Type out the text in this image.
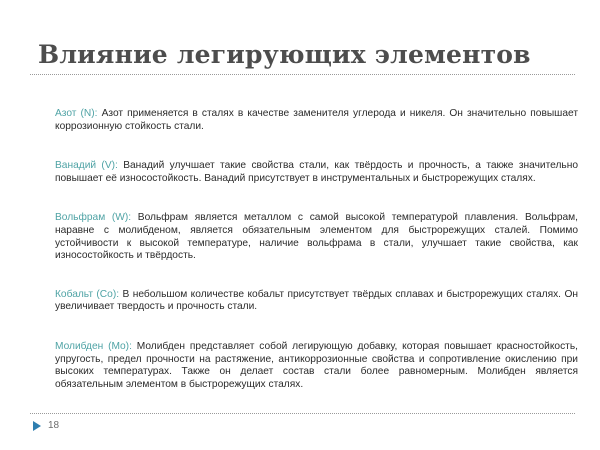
Влияние легирующих элементов

Азот (N): Азот применяется в сталях в качестве заменителя углерода и никеля. Он значительно повышает коррозионную стойкость стали.

Ванадий (V): Ванадий улучшает такие свойства стали, как твёрдость и прочность, а также значительно повышает её износостойкость. Ванадий присутствует в инструментальных и быстрорежущих сталях.

Вольфрам (W): Вольфрам является металлом с самой высокой температурой плавления. Вольфрам, наравне с молибденом, является обязательным элементом для быстрорежущих сталей. Помимо устойчивости к высокой температуре, наличие вольфрама в стали, улучшает такие свойства, как износостойкость и твёрдость.

Кобальт (Co): В небольшом количестве кобальт присутствует твёрдых сплавах и быстрорежущих сталях. Он увеличивает твердость и прочность стали.

Молибден (Mo): Молибден представляет собой легирующую добавку, которая повышает красностойкость, упругость, предел прочности на растяжение, антикоррозионные свойства и сопротивление окислению при высоких температурах. Также он делает состав стали более равномерным. Молибден является обязательным элементом в быстрорежущих сталях.

18
